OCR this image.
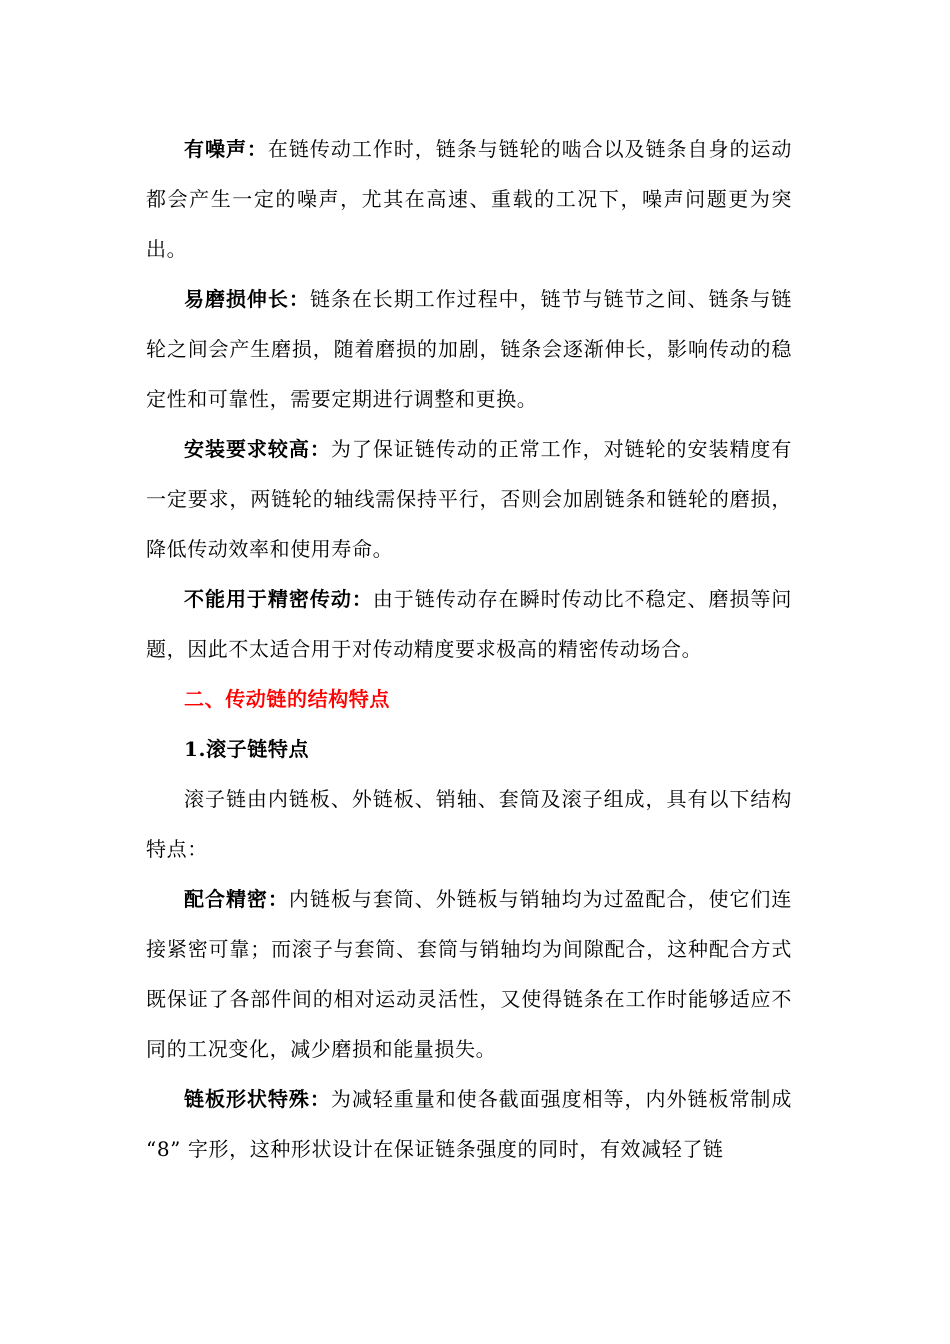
有噪声：在链传动工作时，链条与链轮的啮合以及链条自身的运动都会产生一定的噪声，尤其在高速、重载的工况下，噪声问题更为突出。

易磨损伸长：链条在长期工作过程中，链节与链节之间、链条与链轮之间会产生磨损，随着磨损的加剧，链条会逐渐伸长，影响传动的稳定性和可靠性，需要定期进行调整和更换。

安装要求较高：为了保证链传动的正常工作，对链轮的安装精度有一定要求，两链轮的轴线需保持平行，否则会加剧链条和链轮的磨损，降低传动效率和使用寿命。

不能用于精密传动：由于链传动存在瞬时传动比不稳定、磨损等问题，因此不太适合用于对传动精度要求极高的精密传动场合。

二、传动链的结构特点

1.滚子链特点

滚子链由内链板、外链板、销轴、套筒及滚子组成，具有以下结构特点：

配合精密：内链板与套筒、外链板与销轴均为过盈配合，使它们连接紧密可靠；而滚子与套筒、套筒与销轴均为间隙配合，这种配合方式既保证了各部件间的相对运动灵活性，又使得链条在工作时能够适应不同的工况变化，减少磨损和能量损失。

链板形状特殊：为减轻重量和使各截面强度相等，内外链板常制成 “8” 字形，这种形状设计在保证链条强度的同时，有效减轻了链
